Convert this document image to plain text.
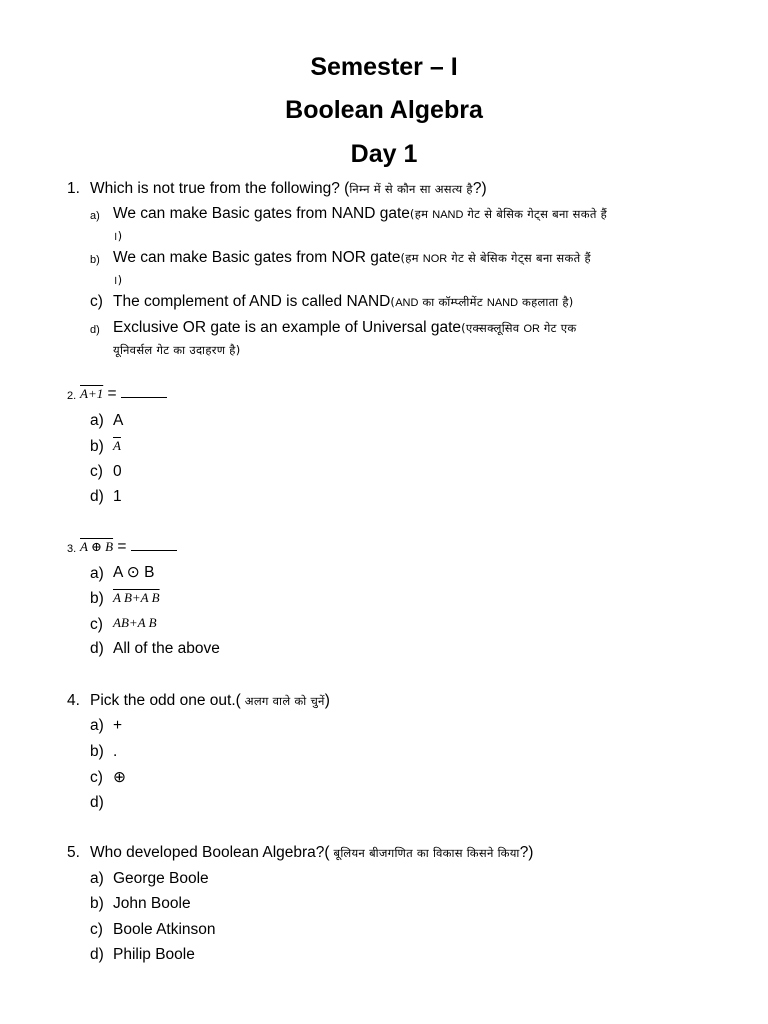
Semester – I
Boolean Algebra
Day 1
1. Which is not true from the following? (निम्न में से कौन सा असत्य है?)
a) We can make Basic gates from NAND gate(हम NAND गेट से बेसिक गेट्स बना सकते हैं
।)
b) We can make Basic gates from NOR gate(हम NOR गेट से बेसिक गेट्स बना सकते हैं
।)
c) The complement of AND is called NAND(AND का कॉम्प्लीमेंट NAND कहलाता है)
d) Exclusive OR gate is an example of Universal gate(एक्सक्लूसिव OR गेट एक
यूनिवर्सल गेट का उदाहरण है)
2. A+1 =
a) A
b) $\overline{A}$
c) 0
d) 1
3. A ⊕ B =
a) A ⊙ B
b) A B+A B
c) AB+A B
d) All of the above
4. Pick the odd one out.( अलग वाले को चुनें)
a) +
b) .
c) ⊕
d)
5. Who developed Boolean Algebra?( बूलियन बीजगणित का विकास किसने किया?)
a) George Boole
b) John Boole
c) Boole Atkinson
d) Philip Boole
